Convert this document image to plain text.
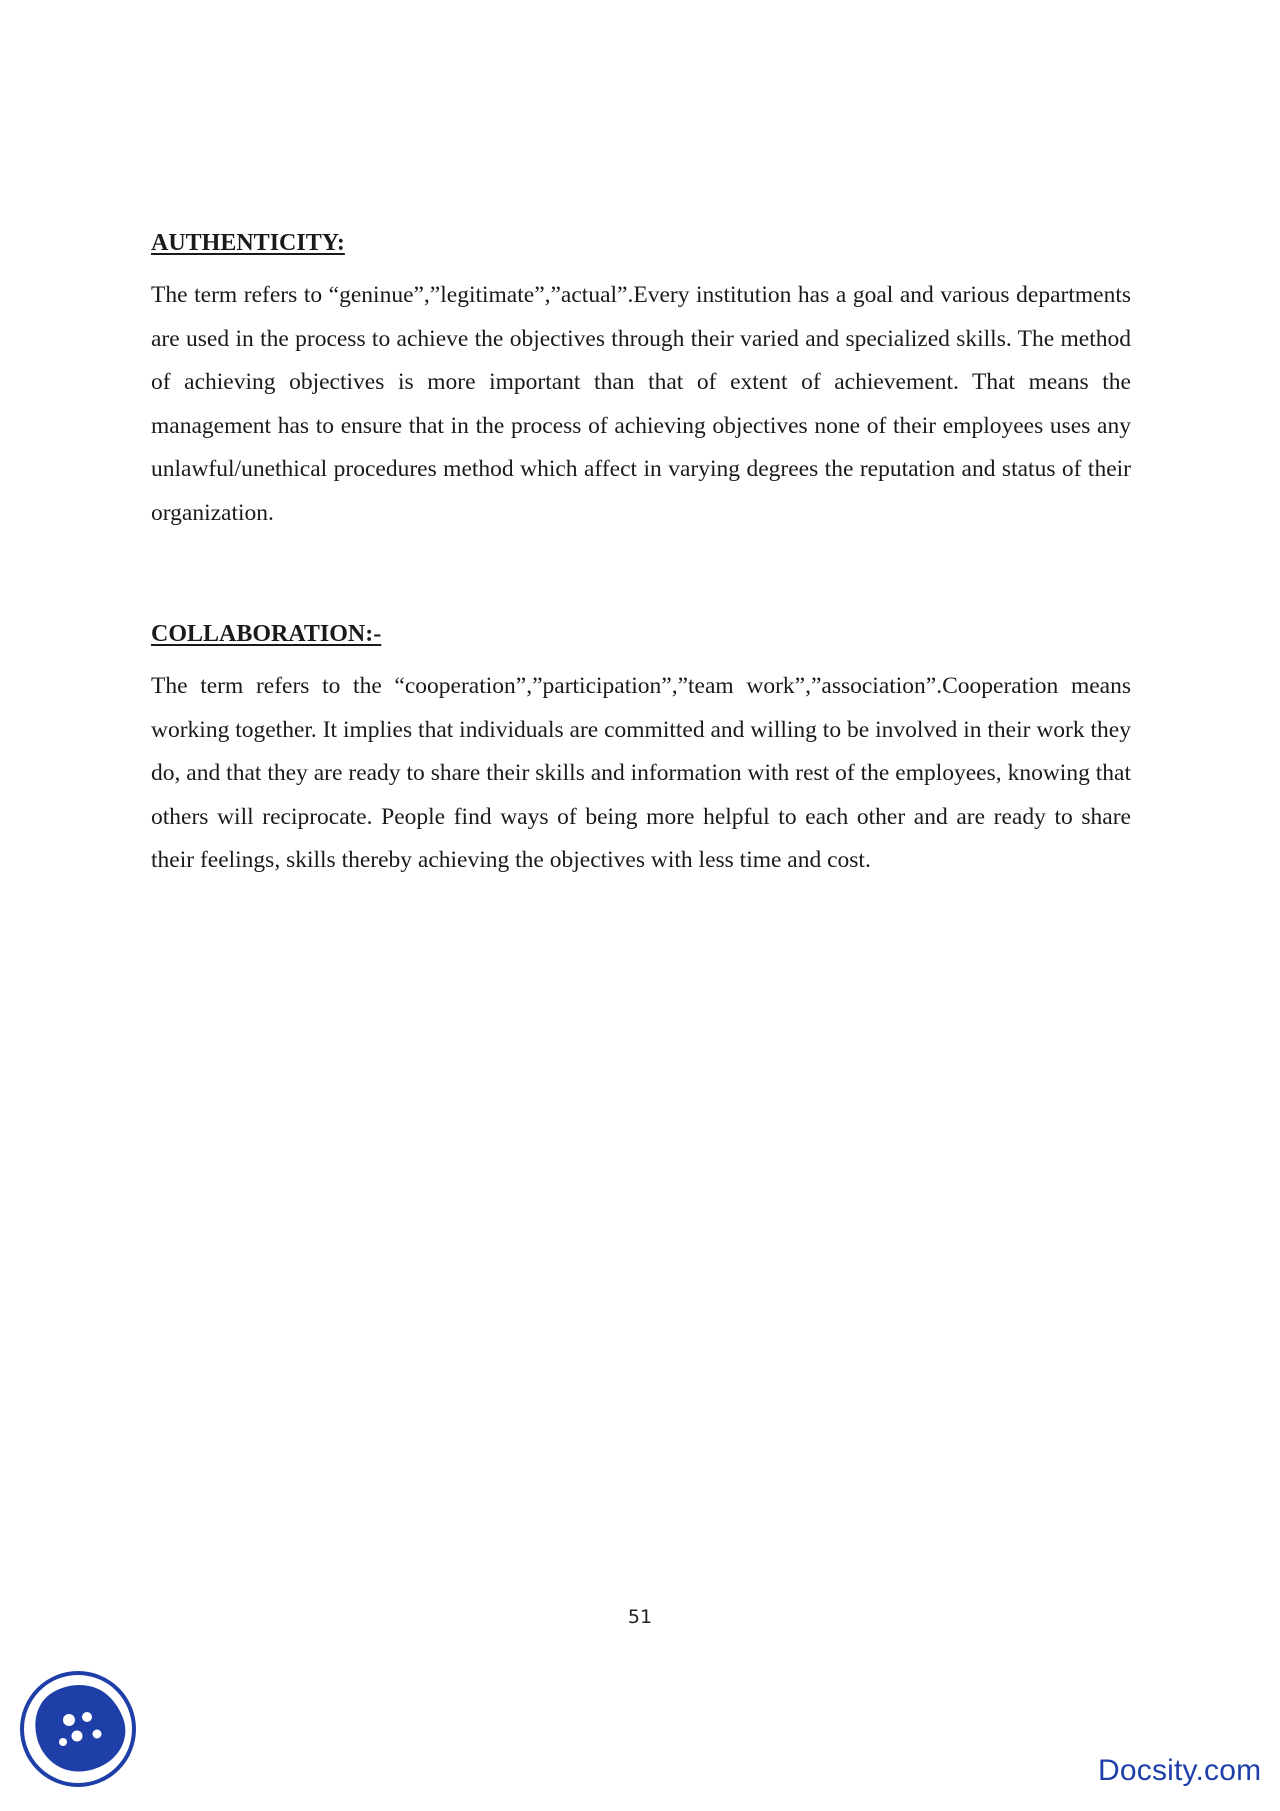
AUTHENTICITY:

The term refers to “geninue”,”legitimate”,”actual”.Every institution has a goal and various departments are used in the process to achieve the objectives through their varied and specialized skills. The method of achieving objectives is more important than that of extent of achievement. That means the management has to ensure that in the process of achieving objectives none of their employees uses any unlawful/unethical procedures method which affect in varying degrees the reputation and status of their organization.

COLLABORATION:-

The term refers to the “cooperation”,”participation”,”team work”,”association”.Cooperation means working together. It implies that individuals are committed and willing to be involved in their work they do, and that they are ready to share their skills and information with rest of the employees, knowing that others will reciprocate. People find ways of being more helpful to each other and are ready to share their feelings, skills thereby achieving the objectives with less time and cost.

51
Docsity.com
